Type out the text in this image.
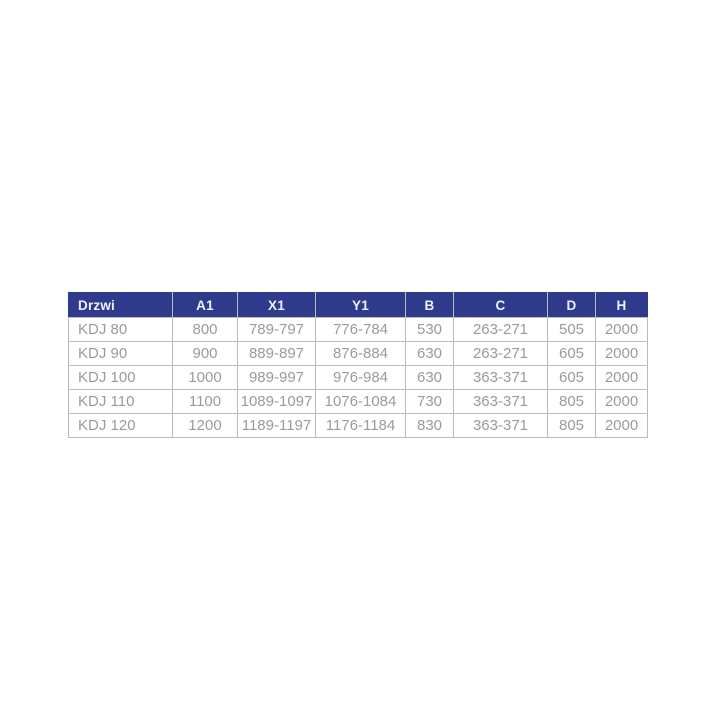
Drzwi	A1	X1	Y1	B	C	D	H
KDJ 80	800	789-797	776-784	530	263-271	505	2000
KDJ 90	900	889-897	876-884	630	263-271	605	2000
KDJ 100	1000	989-997	976-984	630	363-371	605	2000
KDJ 110	1100	1089-1097	1076-1084	730	363-371	805	2000
KDJ 120	1200	1189-1197	1176-1184	830	363-371	805	2000
